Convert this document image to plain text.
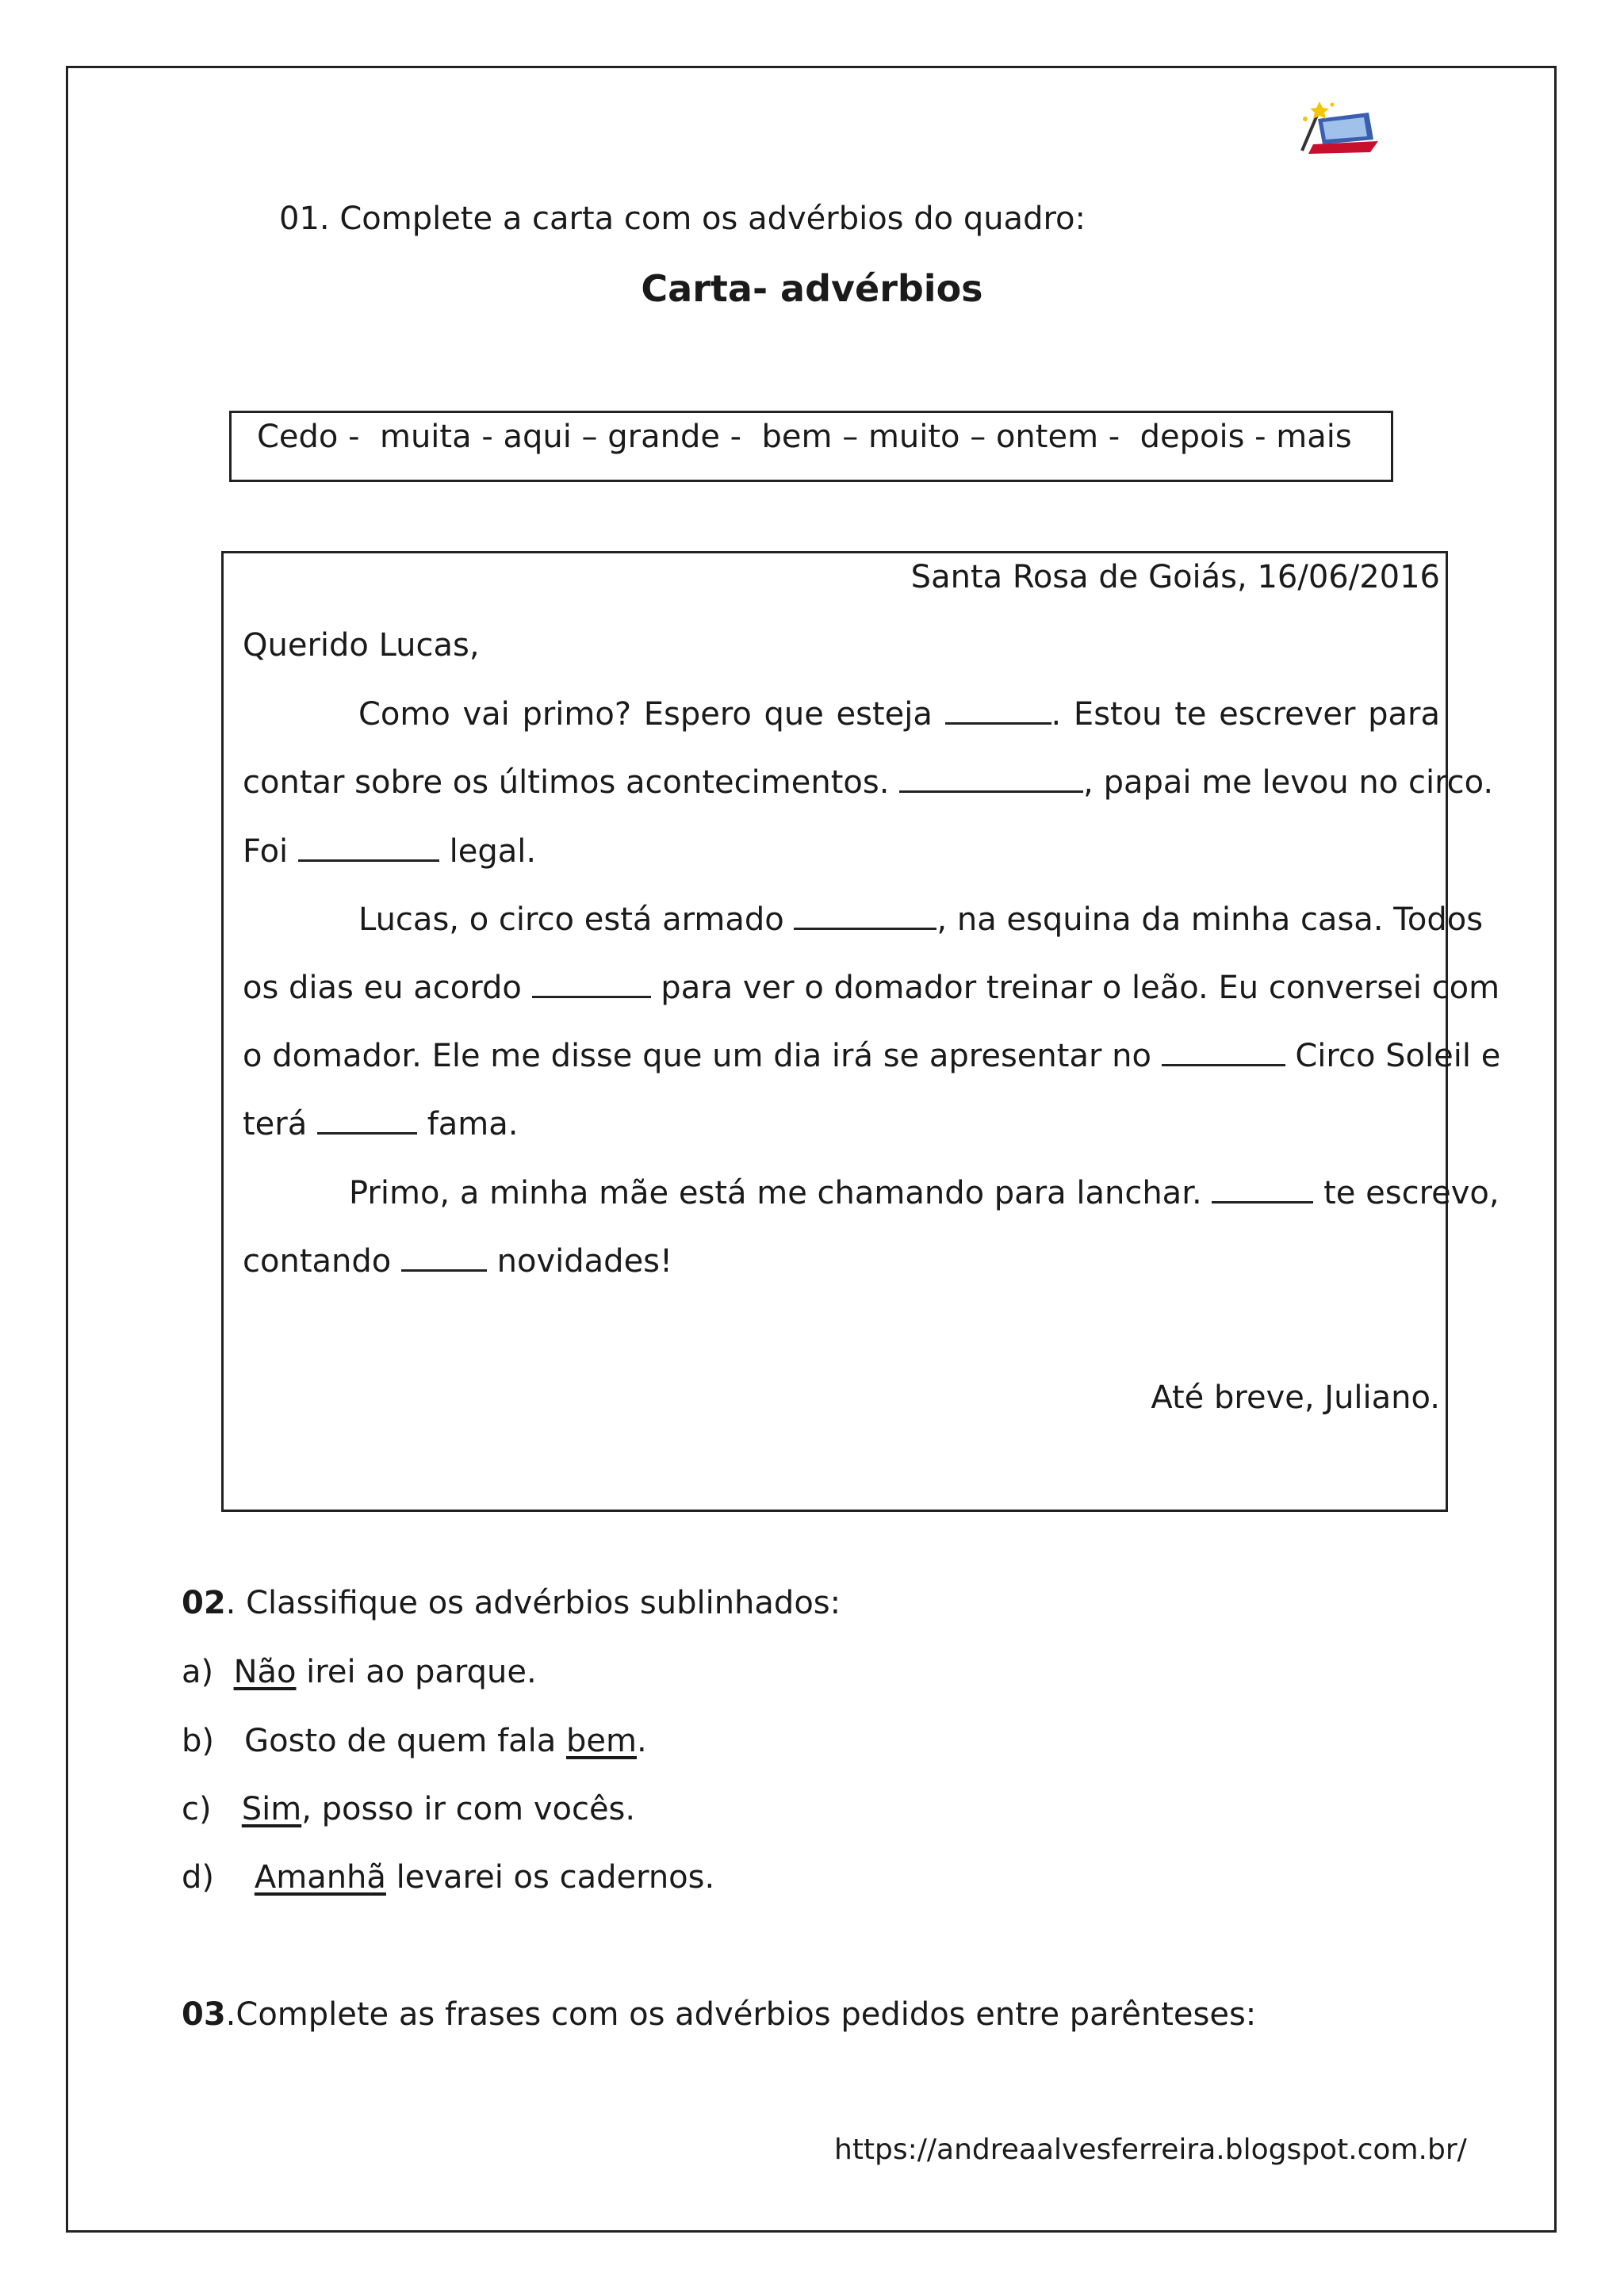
01. Complete a carta com os advérbios do quadro:
Carta- advérbios
Cedo -  muita - aqui – grande -  bem – muito – ontem -  depois - mais
Santa Rosa de Goiás, 16/06/2016
Querido Lucas,
Como vai primo? Espero que esteja	. Estou te escrever para
contar sobre os últimos acontecimentos.	, papai me levou no circo.
Foi	legal.
Lucas, o circo está armado	, na esquina da minha casa. Todos
os dias eu acordo	para ver o domador treinar o leão. Eu conversei com
o domador. Ele me disse que um dia irá se apresentar no	Circo Soleil e
terá	fama.
Primo, a minha mãe está me chamando para lanchar.	te escrevo,
contando	novidades!
Até breve, Juliano.
02. Classifique os advérbios sublinhados:
a) Não irei ao parque.
b) Gosto de quem fala bem.
c) Sim, posso ir com vocês.
d) Amanhã levarei os cadernos.
03.Complete as frases com os advérbios pedidos entre parênteses:
https://andreaalvesferreira.blogspot.com.br/
